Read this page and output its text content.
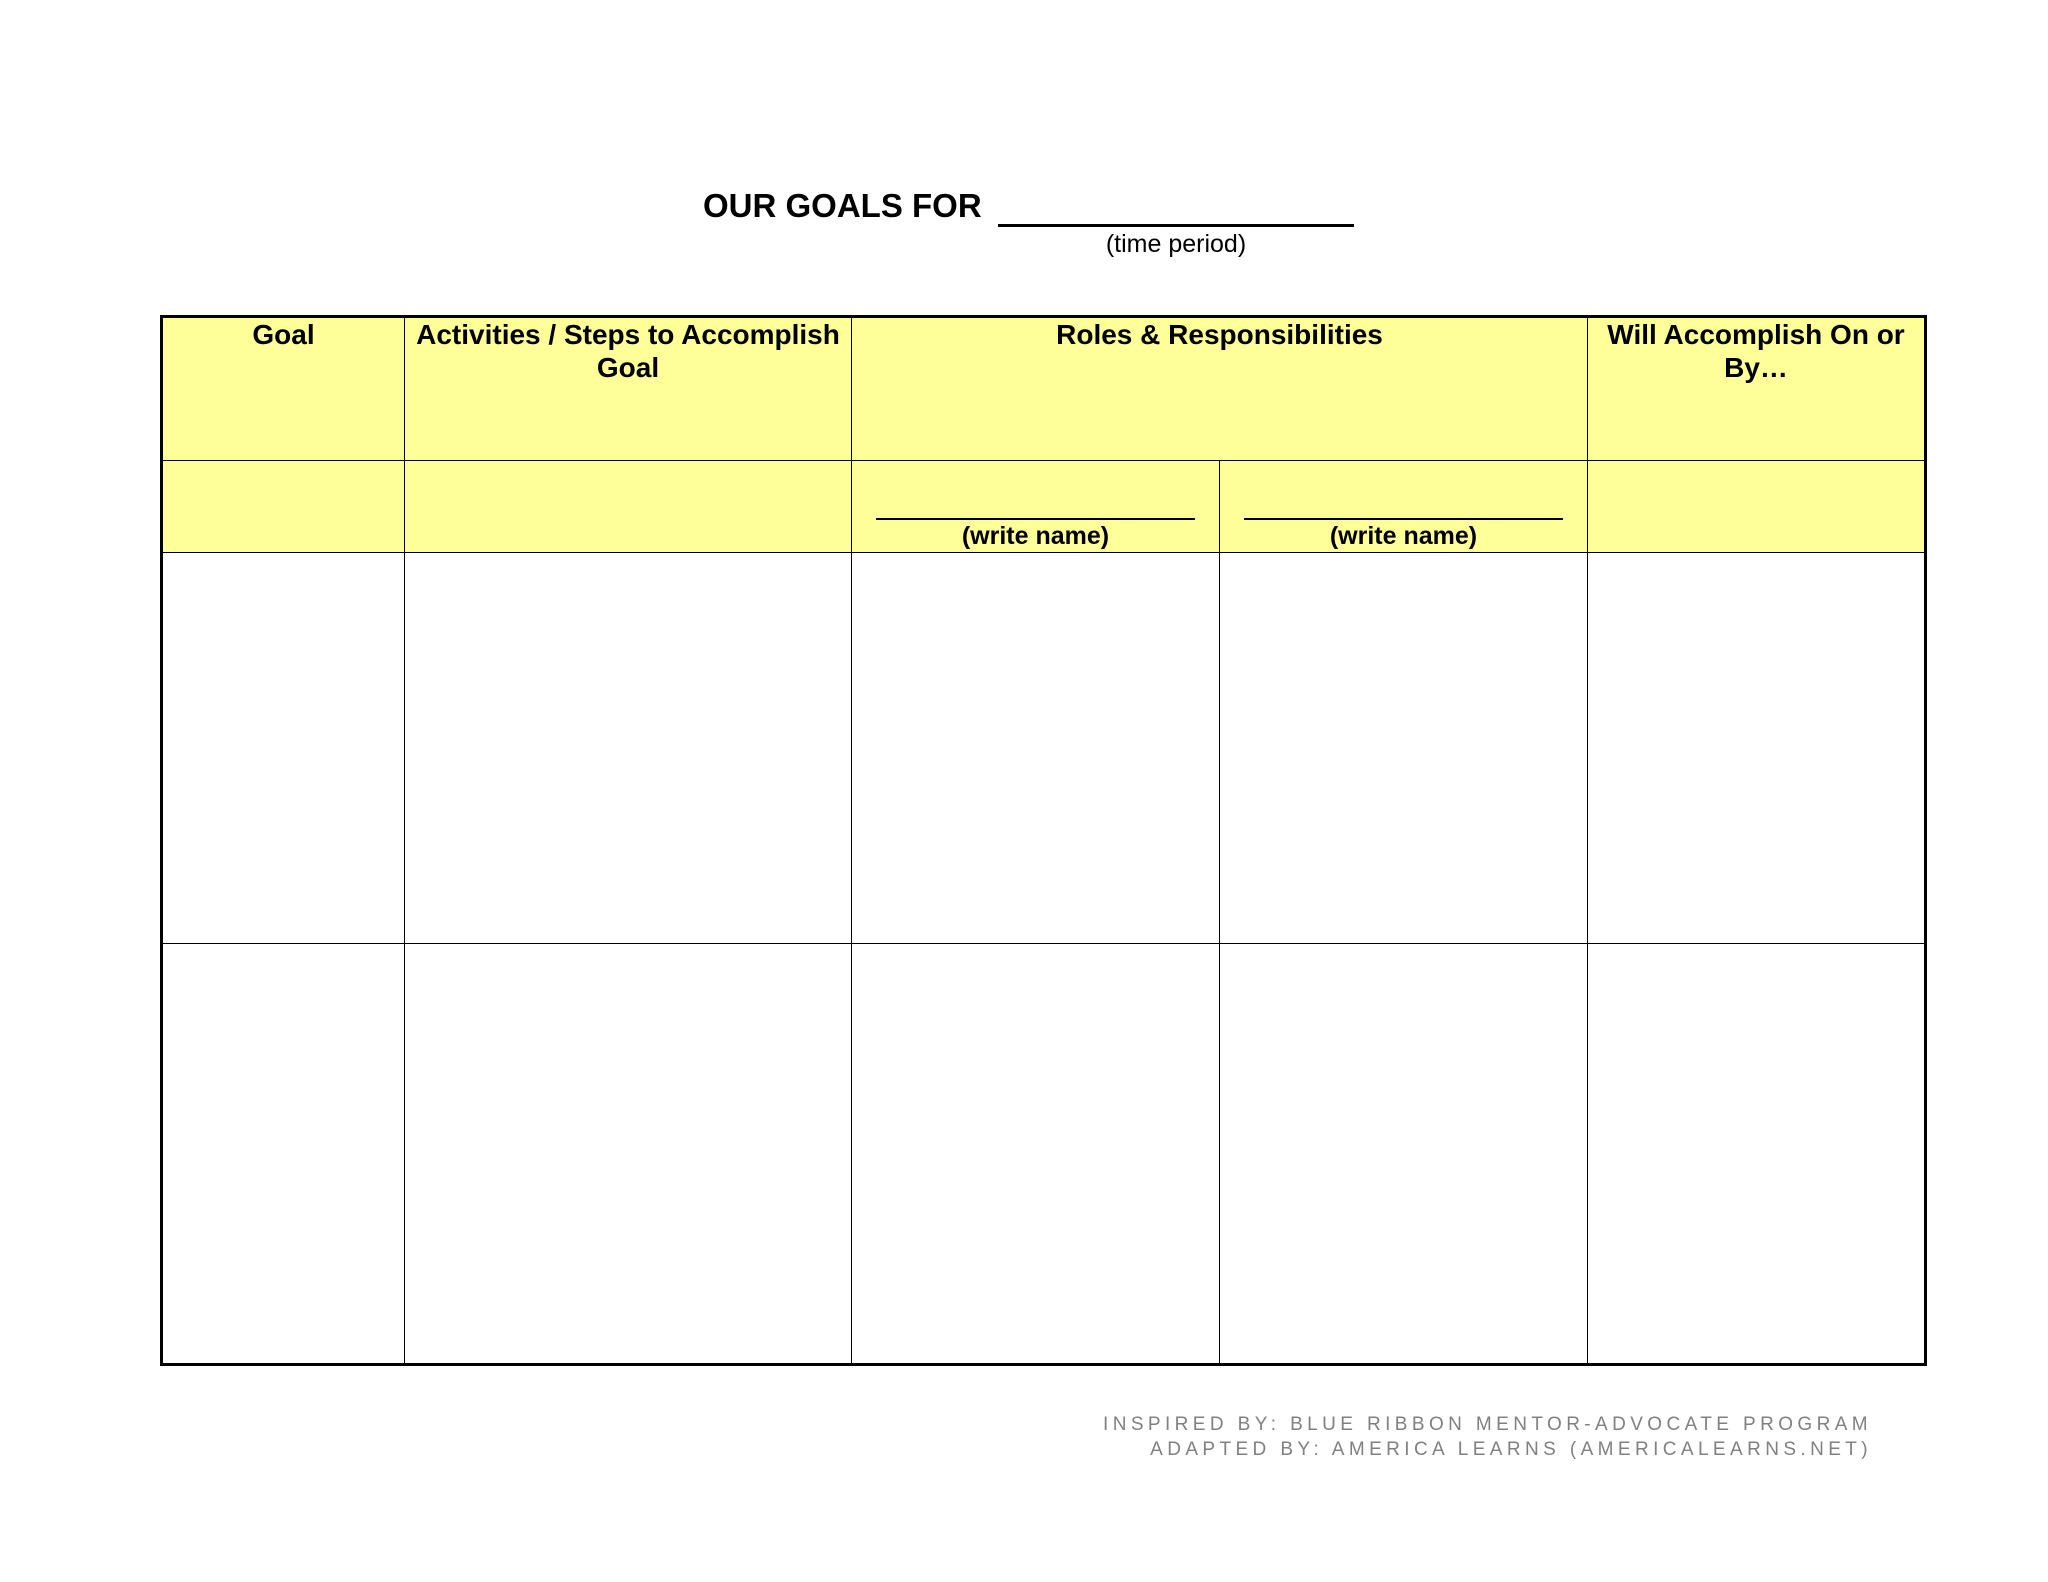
OUR GOALS FOR
(time period)
Goal	Activities / Steps to Accomplish Goal	Roles & Responsibilities		Will Accomplish On or By…

		(write name)	(write name)	

INSPIRED BY: BLUE RIBBON MENTOR-ADVOCATE PROGRAM
ADAPTED BY: AMERICA LEARNS (AMERICALEARNS.NET)
